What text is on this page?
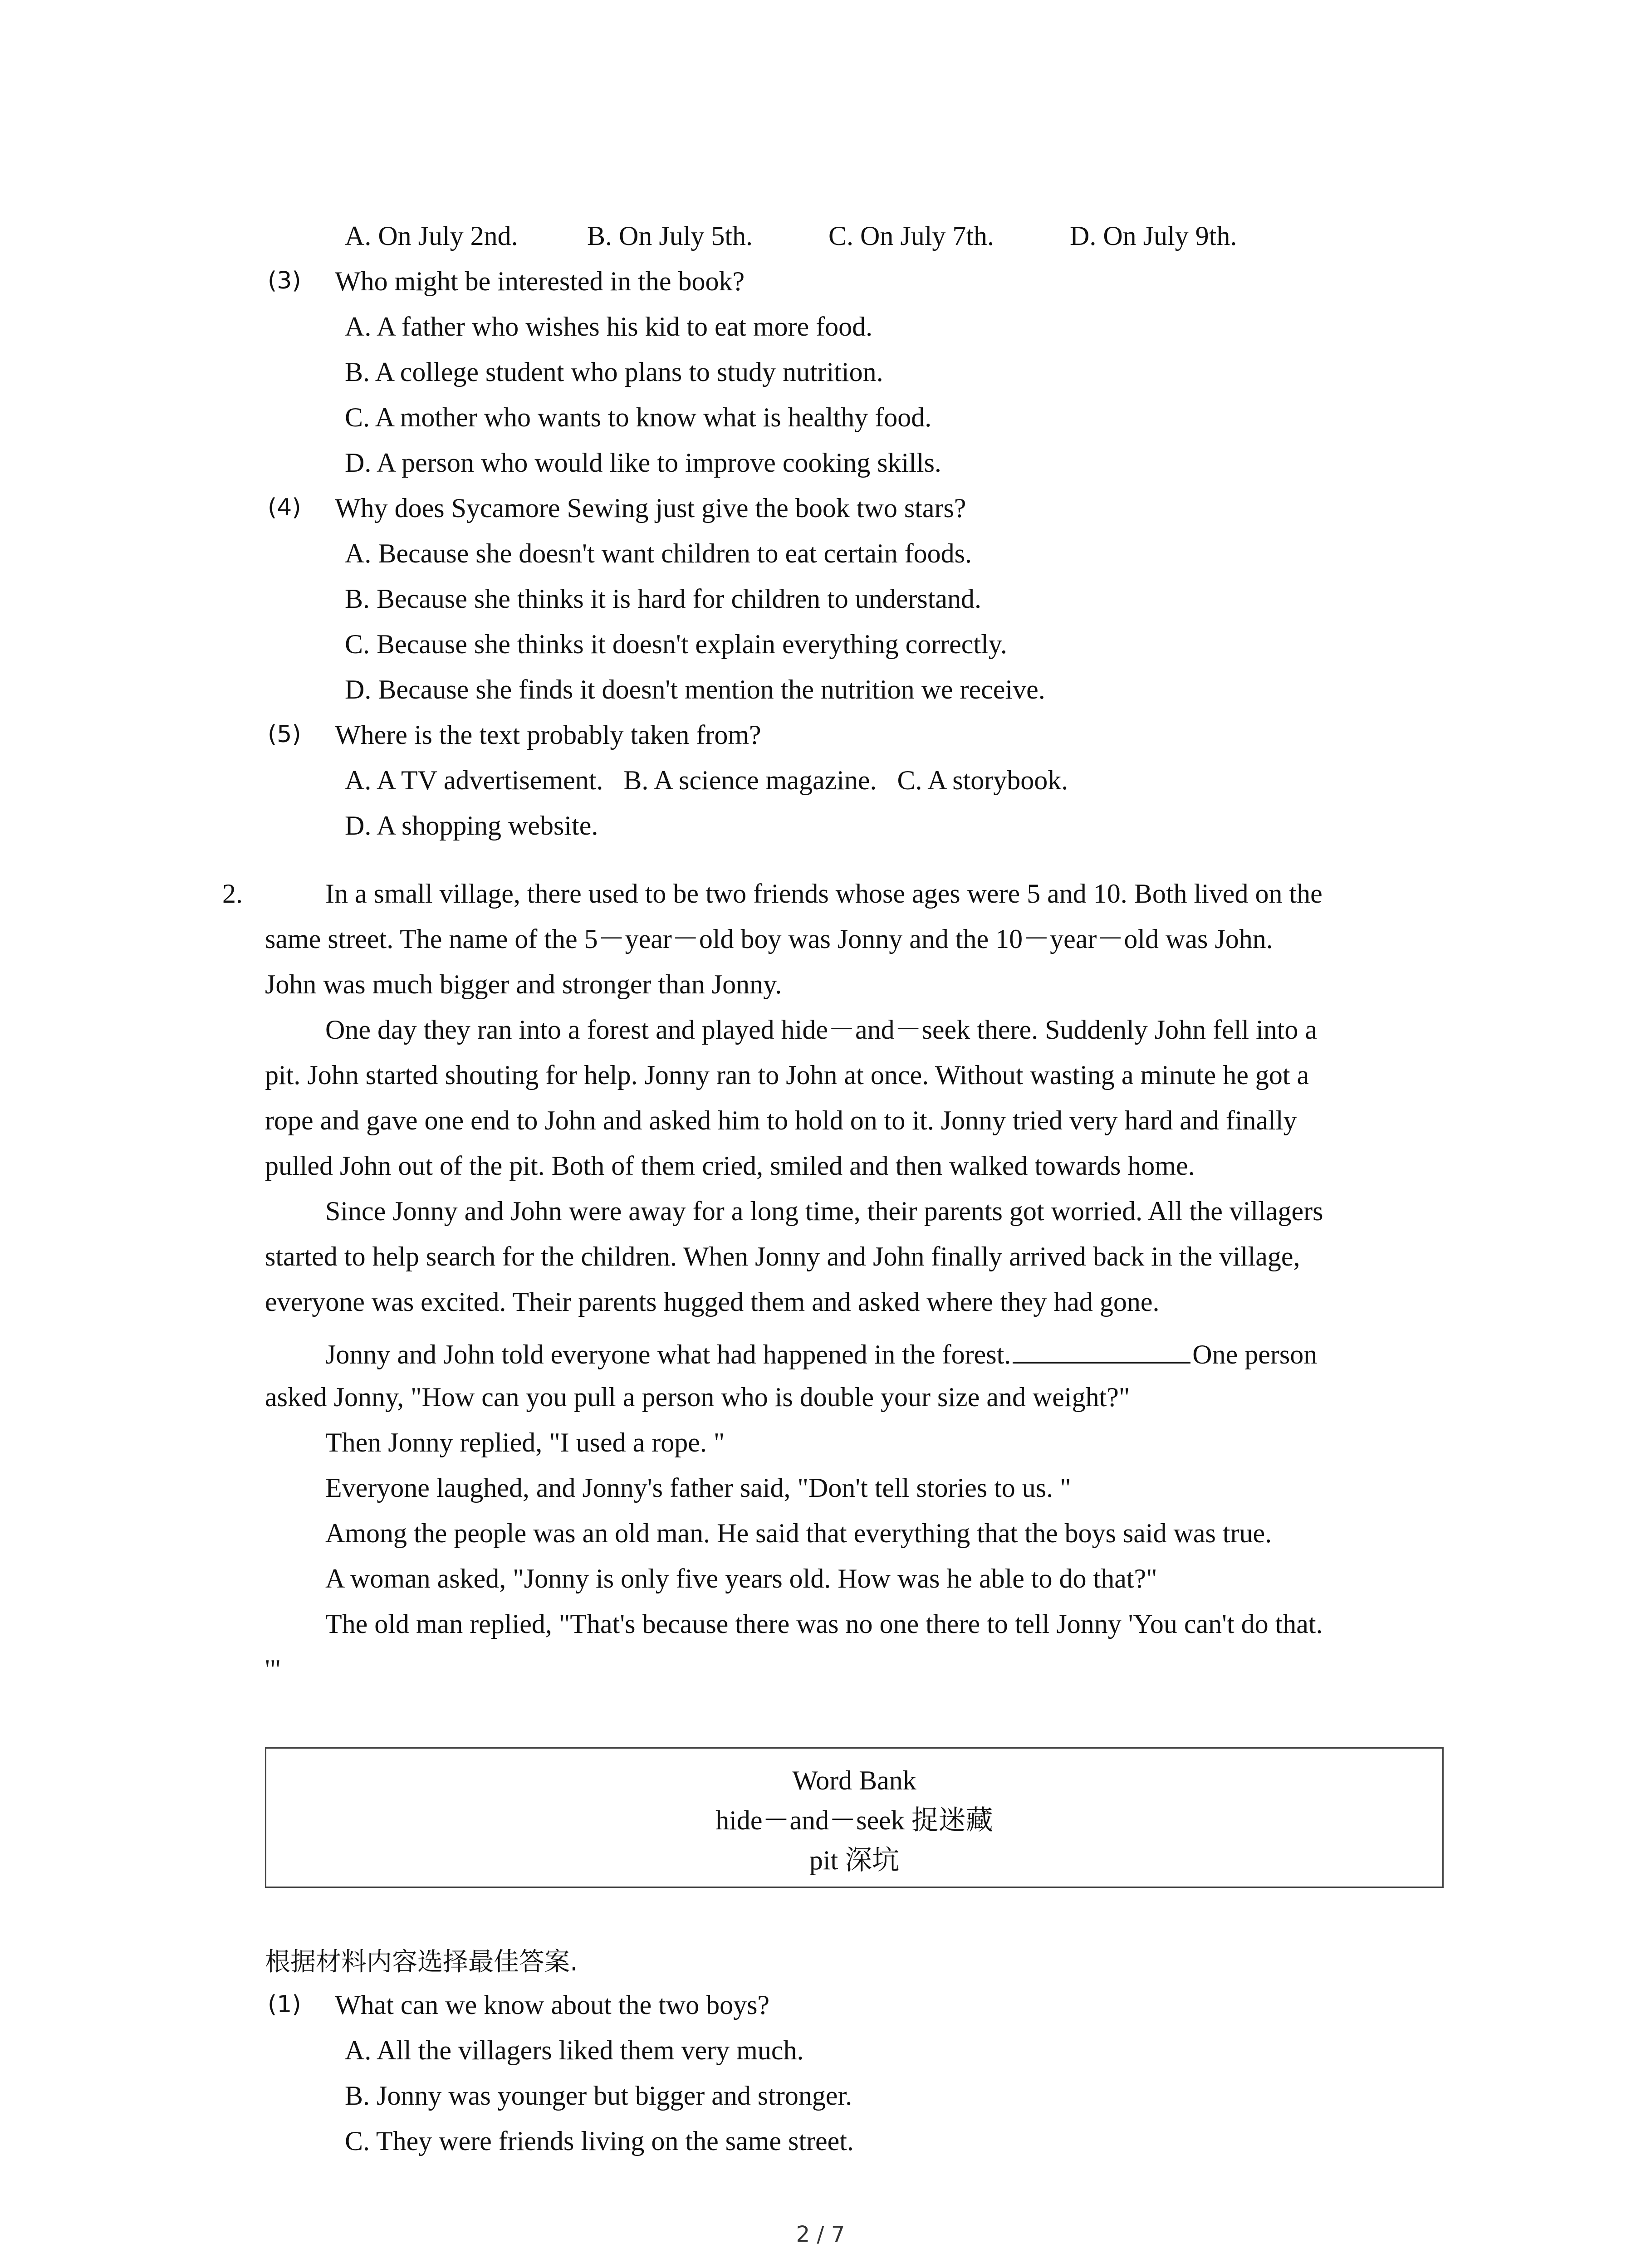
A. On July 2nd.	B. On July 5th.	C. On July 7th.	D. On July 9th.
(3) Who might be interested in the book?
A. A father who wishes his kid to eat more food.
B. A college student who plans to study nutrition.
C. A mother who wants to know what is healthy food.
D. A person who would like to improve cooking skills.
(4) Why does Sycamore Sewing just give the book two stars?
A. Because she doesn't want children to eat certain foods.
B. Because she thinks it is hard for children to understand.
C. Because she thinks it doesn't explain everything correctly.
D. Because she finds it doesn't mention the nutrition we receive.
(5) Where is the text probably taken from?
A. A TV advertisement.   B. A science magazine.   C. A storybook.
D. A shopping website.
2.	In a small village, there used to be two friends whose ages were 5 and 10. Both lived on the
same street. The name of the 5－year－old boy was Jonny and the 10－year－old was John.
John was much bigger and stronger than Jonny.
One day they ran into a forest and played hide－and－seek there. Suddenly John fell into a
pit. John started shouting for help. Jonny ran to John at once. Without wasting a minute he got a
rope and gave one end to John and asked him to hold on to it. Jonny tried very hard and finally
pulled John out of the pit. Both of them cried, smiled and then walked towards home.
Since Jonny and John were away for a long time, their parents got worried. All the villagers
started to help search for the children. When Jonny and John finally arrived back in the village,
everyone was excited. Their parents hugged them and asked where they had gone.
Jonny and John told everyone what had happened in the forest.	One person
asked Jonny, "How can you pull a person who is double your size and weight?"
Then Jonny replied, "I used a rope. "
Everyone laughed, and Jonny's father said, "Don't tell stories to us. "
Among the people was an old man. He said that everything that the boys said was true.
A woman asked, "Jonny is only five years old. How was he able to do that?"
The old man replied, "That's because there was no one there to tell Jonny 'You can't do that.
'"
Word Bank
hide－and－seek 捉迷藏
pit 深坑
根据材料内容选择最佳答案.
(1) What can we know about the two boys?
A. All the villagers liked them very much.
B. Jonny was younger but bigger and stronger.
C. They were friends living on the same street.
2 / 7
